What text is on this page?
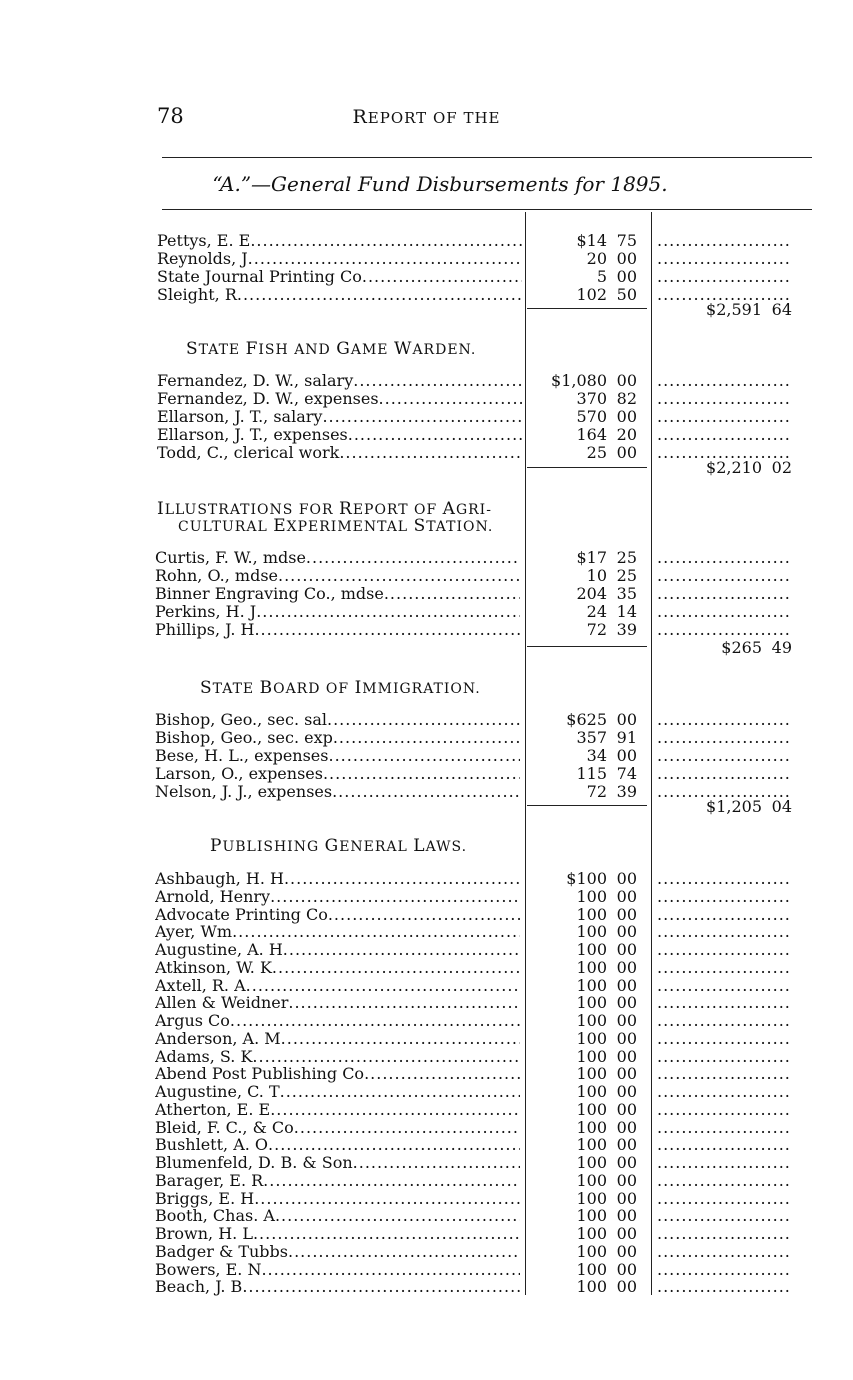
78	REPORT OF THE
“A.”—General Fund Disbursements for 1895.
Pettys, E. E .....	$14 75
.....
Reynolds, J .....	20 00
.....
State Journal Printing Co .....	5 00
.....
Sleight, R .....	102 50
.....
$2,591 64
STATE FISH AND GAME WARDEN.
Fernandez, D. W., salary .....	$1,080 00
.....
Fernandez, D. W., expenses .....	370 82
.....
Ellarson, J. T., salary .....	570 00
.....
Ellarson, J. T., expenses .....	164 20
.....
Todd, C., clerical work .....	25 00
.....
$2,210 02
ILLUSTRATIONS FOR REPORT OF AGRI-
CULTURAL EXPERIMENTAL STATION.
Curtis, F. W., mdse .....	$17 25
.....
Rohn, O., mdse .....	10 25
.....
Binner Engraving Co., mdse .....	204 35
.....
Perkins, H. J .....	24 14
.....
Phillips, J. H .....	72 39
.....
$265 49
STATE BOARD OF IMMIGRATION.
Bishop, Geo., sec. sal .....	$625 00
.....
Bishop, Geo., sec. exp .....	357 91
.....
Bese, H. L., expenses .....	34 00
.....
Larson, O., expenses .....	115 74
.....
Nelson, J. J., expenses .....	72 39
.....
$1,205 04
PUBLISHING GENERAL LAWS.
Ashbaugh, H. H .....	$100 00
.....
Arnold, Henry .....	100 00
.....
Advocate Printing Co .....	100 00
.....
Ayer, Wm .....	100 00
.....
Augustine, A. H .....	100 00
.....
Atkinson, W. K .....	100 00
.....
Axtell, R. A .....	100 00
.....
Allen & Weidner .....	100 00
.....
Argus Co .....	100 00
.....
Anderson, A. M .....	100 00
.....
Adams, S. K .....	100 00
.....
Abend Post Publishing Co .....	100 00
.....
Augustine, C. T .....	100 00
.....
Atherton, E. E .....	100 00
.....
Bleid, F. C., & Co .....	100 00
.....
Bushlett, A. O .....	100 00
.....
Blumenfeld, D. B. & Son .....	100 00
.....
Barager, E. R .....	100 00
.....
Briggs, E. H .....	100 00
.....
Booth, Chas. A .....	100 00
.....
Brown, H. L .....	100 00
.....
Badger & Tubbs .....	100 00
.....
Bowers, E. N .....	100 00
.....
Beach, J. B .....	100 00
.....
